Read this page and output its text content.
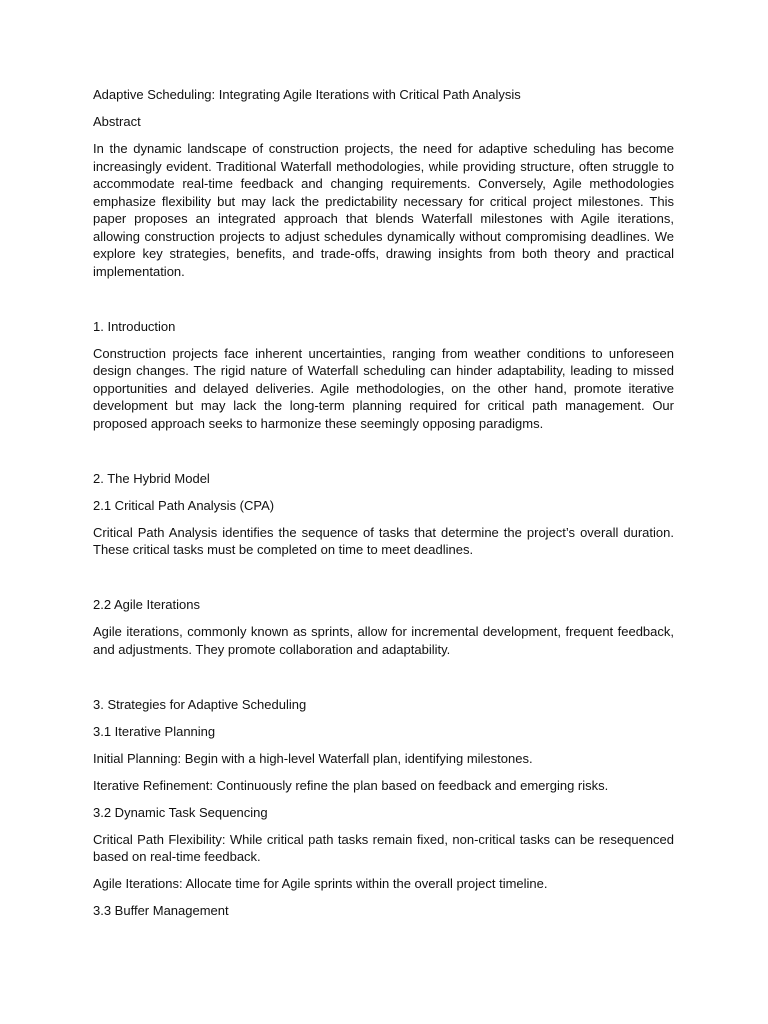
Adaptive Scheduling: Integrating Agile Iterations with Critical Path Analysis

Abstract

In the dynamic landscape of construction projects, the need for adaptive scheduling has become increasingly evident. Traditional Waterfall methodologies, while providing structure, often struggle to accommodate real-time feedback and changing requirements. Conversely, Agile methodologies emphasize flexibility but may lack the predictability necessary for critical project milestones. This paper proposes an integrated approach that blends Waterfall milestones with Agile iterations, allowing construction projects to adjust schedules dynamically without compromising deadlines. We explore key strategies, benefits, and trade-offs, drawing insights from both theory and practical implementation.

1. Introduction

Construction projects face inherent uncertainties, ranging from weather conditions to unforeseen design changes. The rigid nature of Waterfall scheduling can hinder adaptability, leading to missed opportunities and delayed deliveries. Agile methodologies, on the other hand, promote iterative development but may lack the long-term planning required for critical path management. Our proposed approach seeks to harmonize these seemingly opposing paradigms.

2. The Hybrid Model

2.1 Critical Path Analysis (CPA)

Critical Path Analysis identifies the sequence of tasks that determine the project’s overall duration. These critical tasks must be completed on time to meet deadlines.

2.2 Agile Iterations

Agile iterations, commonly known as sprints, allow for incremental development, frequent feedback, and adjustments. They promote collaboration and adaptability.

3. Strategies for Adaptive Scheduling

3.1 Iterative Planning

Initial Planning: Begin with a high-level Waterfall plan, identifying milestones.

Iterative Refinement: Continuously refine the plan based on feedback and emerging risks.

3.2 Dynamic Task Sequencing

Critical Path Flexibility: While critical path tasks remain fixed, non-critical tasks can be resequenced based on real-time feedback.

Agile Iterations: Allocate time for Agile sprints within the overall project timeline.

3.3 Buffer Management
